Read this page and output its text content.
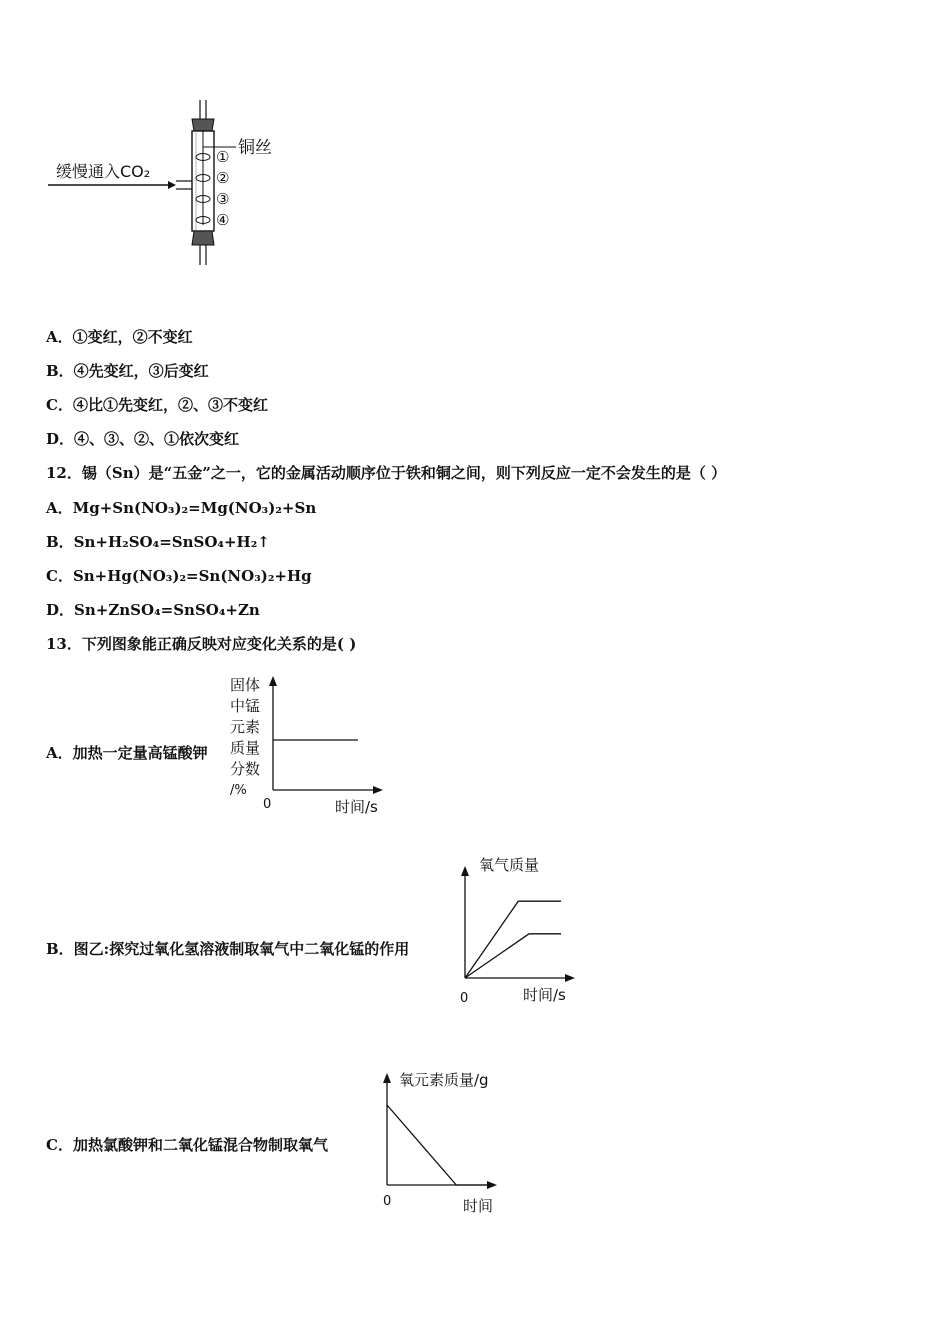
缓慢通入CO₂
铜丝
①
②
③
④
A．①变红，②不变红
B．④先变红，③后变红
C．④比①先变红，②、③不变红
D．④、③、②、①依次变红
12．锡（Sn）是“五金”之一，它的金属活动顺序位于铁和铜之间，则下列反应一定不会发生的是（ ）
A．Mg+Sn(NO₃)₂=Mg(NO₃)₂+Sn
B．Sn+H₂SO₄=SnSO₄+H₂↑
C．Sn+Hg(NO₃)₂=Sn(NO₃)₂+Hg
D．Sn+ZnSO₄=SnSO₄+Zn
13．下列图象能正确反映对应变化关系的是( )
A．加热一定量高锰酸钾
B．图乙:探究过氧化氢溶液制取氧气中二氧化锰的作用
C．加热氯酸钾和二氧化锰混合物制取氧气
固体
中锰
元素
质量
分数
/%
0	时间/s
氧气质量
0	时间/s
氧元素质量/g
0	时间
